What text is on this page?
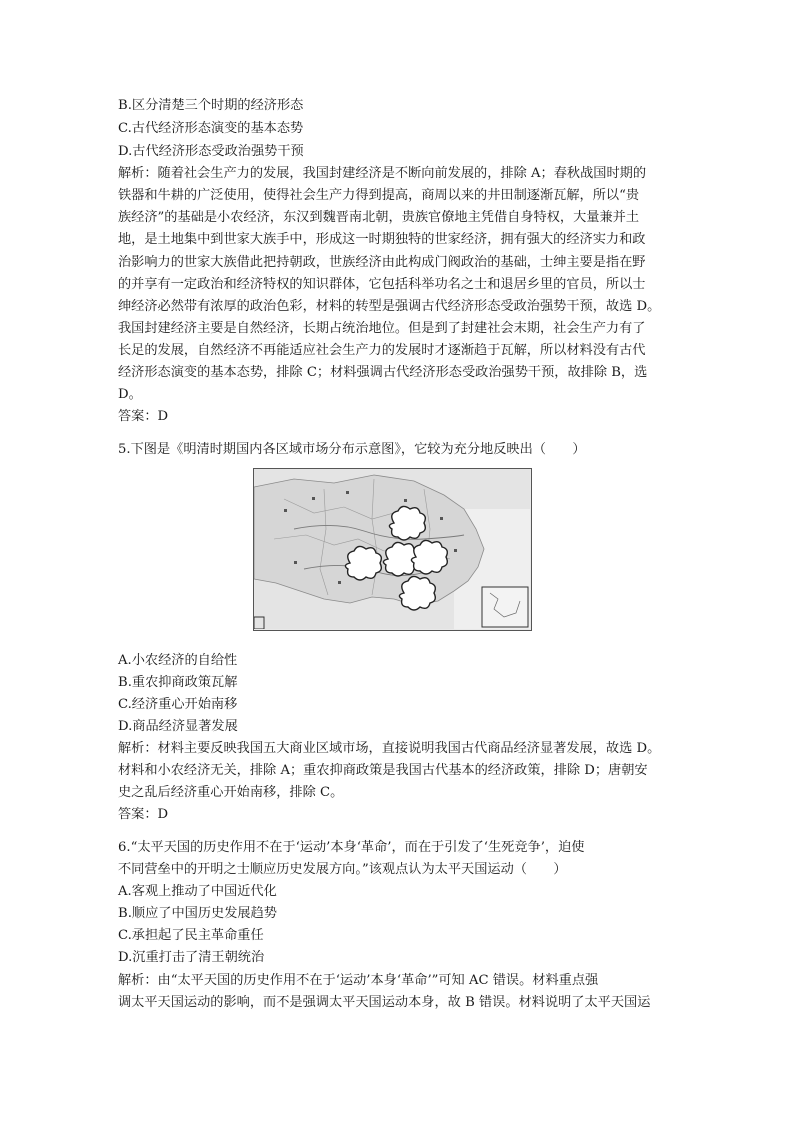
B.区分清楚三个时期的经济形态
C.古代经济形态演变的基本态势
D.古代经济形态受政治强势干预
解析：随着社会生产力的发展，我国封建经济是不断向前发展的，排除 A；春秋战国时期的
铁器和牛耕的广泛使用，使得社会生产力得到提高，商周以来的井田制逐渐瓦解，所以“贵
族经济”的基础是小农经济，东汉到魏晋南北朝，贵族官僚地主凭借自身特权，大量兼并土
地，是土地集中到世家大族手中，形成这一时期独特的世家经济，拥有强大的经济实力和政
治影响力的世家大族借此把持朝政，世族经济由此构成门阀政治的基础，士绅主要是指在野
的并享有一定政治和经济特权的知识群体，它包括科举功名之士和退居乡里的官员，所以士
绅经济必然带有浓厚的政治色彩，材料的转型是强调古代经济形态受政治强势干预，故选 D。
我国封建经济主要是自然经济，长期占统治地位。但是到了封建社会末期，社会生产力有了
长足的发展，自然经济不再能适应社会生产力的发展时才逐渐趋于瓦解，所以材料没有古代
经济形态演变的基本态势，排除 C；材料强调古代经济形态受政治强势干预，故排除 B，选
D。
答案：D
5.下图是《明清时期国内各区域市场分布示意图》，它较为充分地反映出（　　）
A.小农经济的自给性
B.重农抑商政策瓦解
C.经济重心开始南移
D.商品经济显著发展
解析：材料主要反映我国五大商业区域市场，直接说明我国古代商品经济显著发展，故选 D。
材料和小农经济无关，排除 A；重农抑商政策是我国古代基本的经济政策，排除 D；唐朝安
史之乱后经济重心开始南移，排除 C。
答案：D
6.“太平天国的历史作用不在于‘运动’本身‘革命’，而在于引发了‘生死竞争’，迫使
不同营垒中的开明之士顺应历史发展方向。”该观点认为太平天国运动（　　）
A.客观上推动了中国近代化
B.顺应了中国历史发展趋势
C.承担起了民主革命重任
D.沉重打击了清王朝统治
解析：由“太平天国的历史作用不在于‘运动’本身‘革命’”可知 AC 错误。材料重点强
调太平天国运动的影响，而不是强调太平天国运动本身，故 B 错误。材料说明了太平天国运
